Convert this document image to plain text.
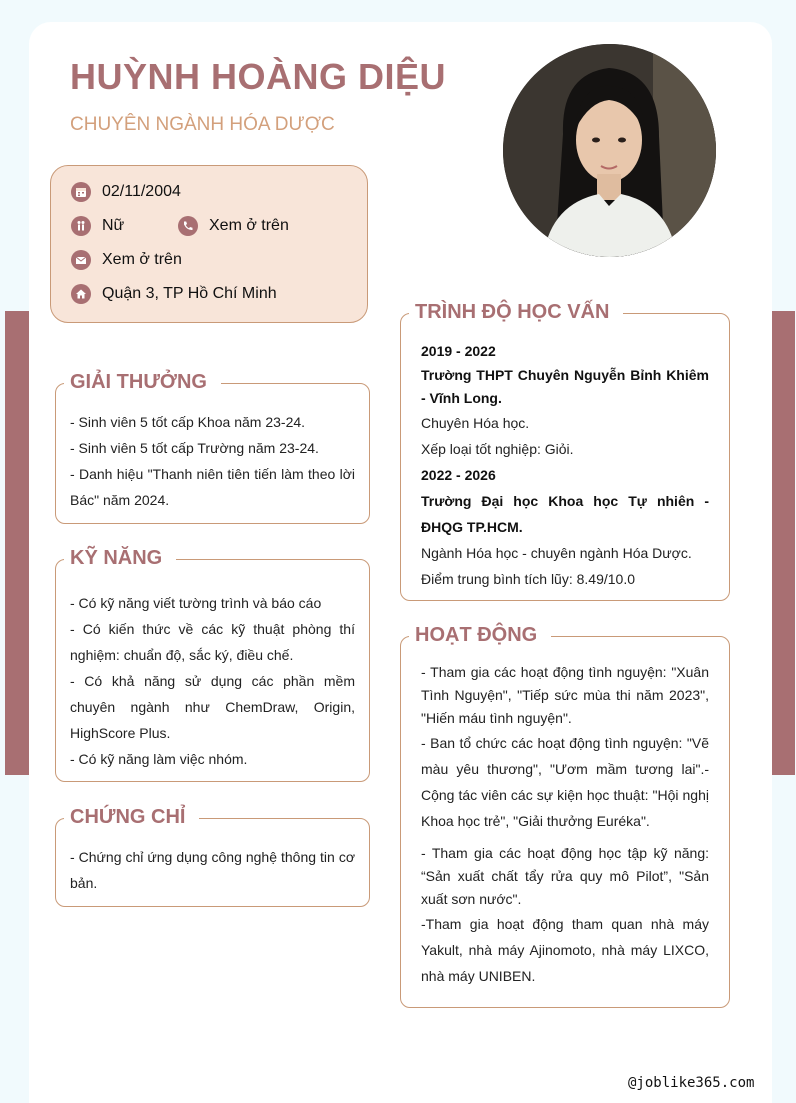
HUỲNH HOÀNG DIỆU
CHUYÊN NGÀNH HÓA DƯỢC
02/11/2004
Nữ	Xem ở trên
Xem ở trên
Quận 3, TP Hồ Chí Minh
GIẢI THƯỞNG

- Sinh viên 5 tốt cấp Khoa năm 23-24.

- Sinh viên 5 tốt cấp Trường năm 23-24.

- Danh hiệu "Thanh niên tiên tiến làm theo lời Bác" năm 2024.

KỸ NĂNG

- Có kỹ năng viết tường trình và báo cáo

- Có kiến thức về các kỹ thuật phòng thí nghiệm: chuẩn độ, sắc ký, điều chế.

- Có khả năng sử dụng các phần mềm chuyên ngành như ChemDraw, Origin, HighScore Plus.

- Có kỹ năng làm việc nhóm.

CHỨNG CHỈ

- Chứng chỉ ứng dụng công nghệ thông tin cơ bản.

TRÌNH ĐỘ HỌC VẤN

2019 - 2022

Trường THPT Chuyên Nguyễn Bỉnh Khiêm - Vĩnh Long.

Chuyên Hóa học.

Xếp loại tốt nghiệp: Giỏi.

2022 - 2026

Trường Đại học Khoa học Tự nhiên - ĐHQG TP.HCM.

Ngành Hóa học - chuyên ngành Hóa Dược.

Điểm trung bình tích lũy: 8.49/10.0

HOẠT ĐỘNG

- Tham gia các hoạt động tình nguyện: "Xuân Tình Nguyện", "Tiếp sức mùa thi năm 2023", "Hiến máu tình nguyện".

- Ban tổ chức các hoạt động tình nguyện: "Vẽ màu yêu thương", "Ươm mầm tương lai".- Cộng tác viên các sự kiện học thuật: "Hội nghị Khoa học trẻ", "Giải thưởng Euréka".

- Tham gia các hoạt động học tập kỹ năng: “Sản xuất chất tẩy rửa quy mô Pilot”, "Sản xuất sơn nước".

-Tham gia hoạt động tham quan nhà máy Yakult, nhà máy Ajinomoto, nhà máy LIXCO, nhà máy UNIBEN.

@joblike365.com
